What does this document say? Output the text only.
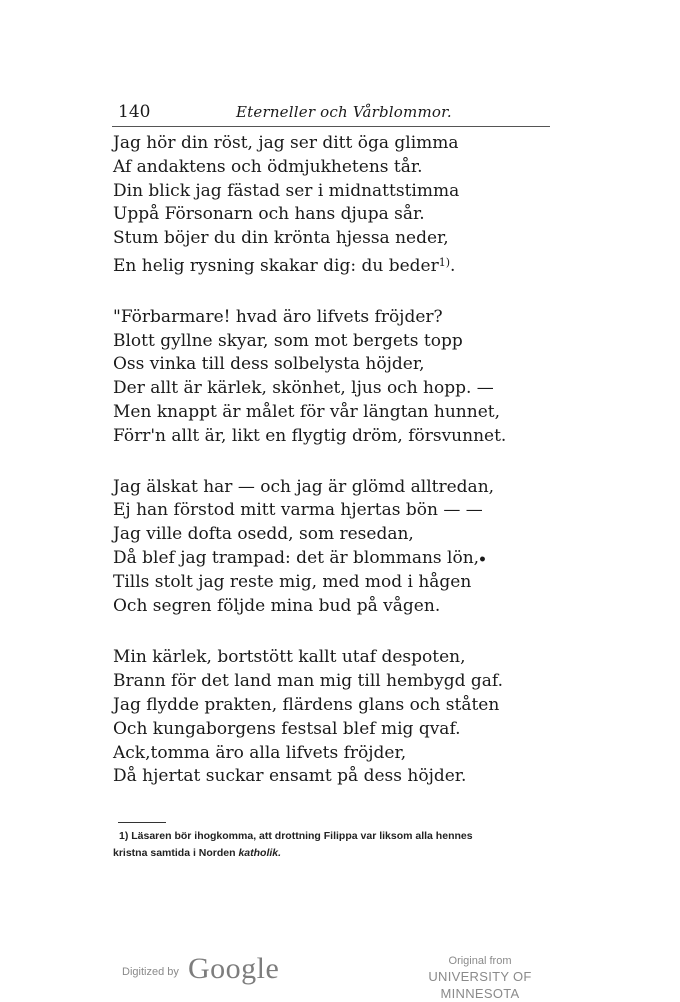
140	Eterneller och Vårblommor.
Jag hör din röst, jag ser ditt öga glimma
Af andaktens och ödmjukhetens tår.
Din blick jag fästad ser i midnattstimma
Uppå Försonarn och hans djupa sår.
Stum böjer du din krönta hjessa neder,
En helig rysning skakar dig: du beder$^{1)}$.
"Förbarmare! hvad äro lifvets fröjder?
Blott gyllne skyar, som mot bergets topp
Oss vinka till dess solbelysta höjder,
Der allt är kärlek, skönhet, ljus och hopp. —
Men knappt är målet för vår längtan hunnet,
Förr'n allt är, likt en flygtig dröm, försvunnet.
Jag älskat har — och jag är glömd alltredan,
Ej han förstod mitt varma hjertas bön — —
Jag ville dofta osedd, som resedan,
Då blef jag trampad: det är blommans lön,
Tills stolt jag reste mig, med mod i hågen
Och segren följde mina bud på vågen.
Min kärlek, bortstött kallt utaf despoten,
Brann för det land man mig till hembygd gaf.
Jag flydde prakten, flärdens glans och ståten
Och kungaborgens festsal blef mig qvaf.
Ack,tomma äro alla lifvets fröjder,
Då hjertat suckar ensamt på dess höjder.
•
1) Läsaren bör ihogkomma, att drottning Filippa var liksom alla hennes
kristna samtida i Norden katholik.
Digitized by Google	Original from
UNIVERSITY OF MINNESOTA
